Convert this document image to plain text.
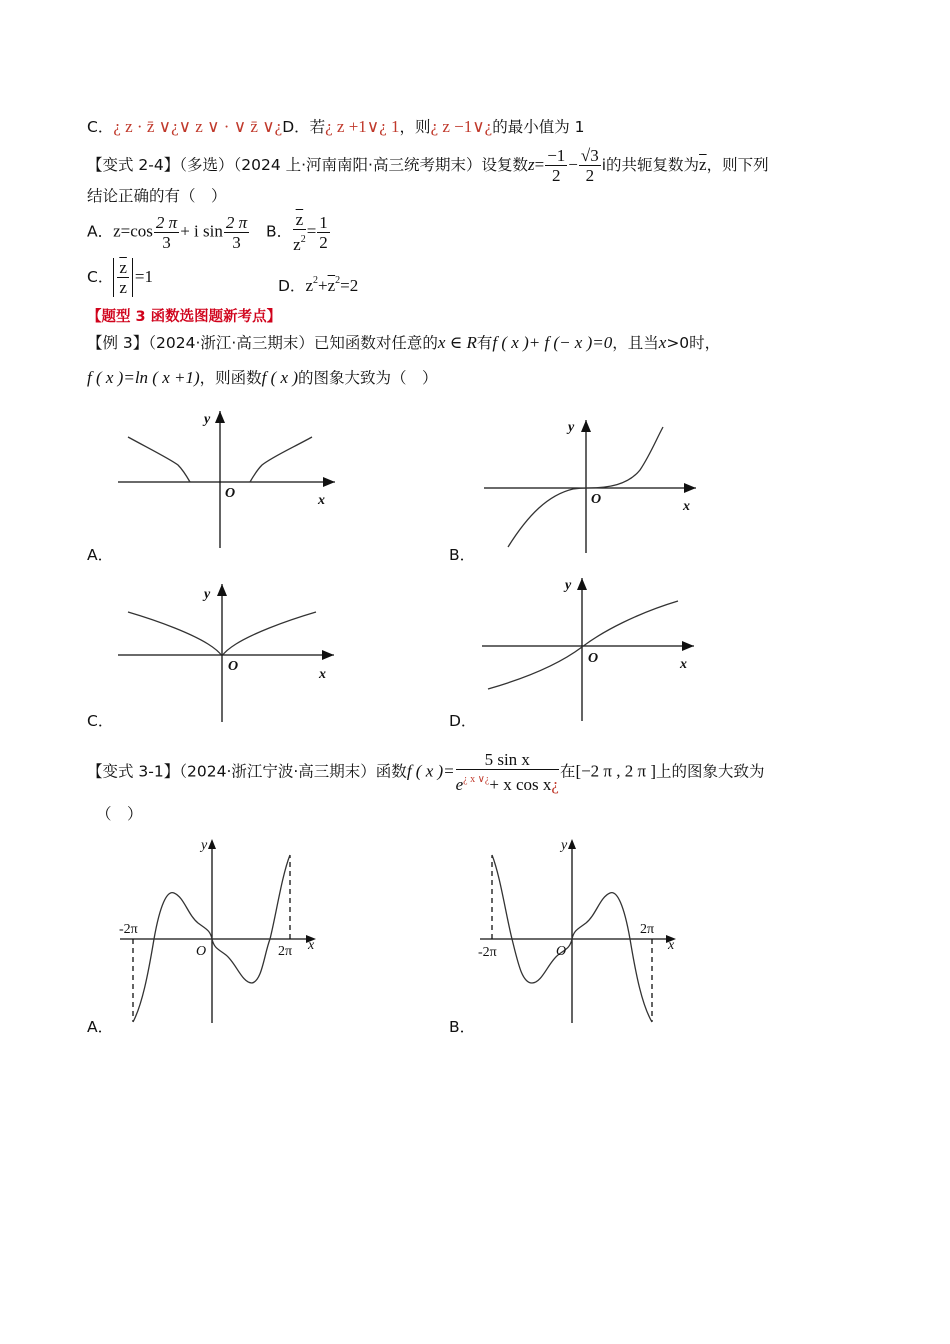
C．¿ z · z̄ ∨¿∨ z ∨ · ∨ z̄ ∨¿D．若¿ z +1∨¿ 1，则¿ z −1∨¿的最小值为 1
【变式 2-4】（多选）（2024 上·河南南阳·高三统考期末）设复数$z= \frac{-1}{2} - \frac{√3}{2}$ i的共轭复数为$\overline{z}$，则下列
结论正确的有（　）
A．$z=\cos \frac{2 \pi}{3} + i$ $\sin \frac{2 \pi}{3}$ B． $\frac{\overline{z}}{z^2} = \frac{1}{2}$
C． $\frac{\overline{z}}{z} =1$	D．$z^2+\overline{z}^2=2$
【题型 3 函数选图题新考点】
【例 3】（2024·浙江·高三期末）已知函数对任意的x ∈ R有f ( x )+ f (− x )=0，且当x>0时，
f ( x )=ln ( x +1)，则函数f ( x )的图象大致为（　）
y
O	x
A．
y
O	x
B．
y
O
x
C．
y
O	x
D．
【变式 3-1】（2024·浙江宁波·高三期末）函数f ( x )= $\frac{\text{5 sin x}}{e^{¿ x \vee¿}+ x \cos x¿}$ 在[−2 π , 2 π ]上的图象大致为
（　）
-2π
2π
O
y
x
A．
-2π
2π
O
y
x
B．
